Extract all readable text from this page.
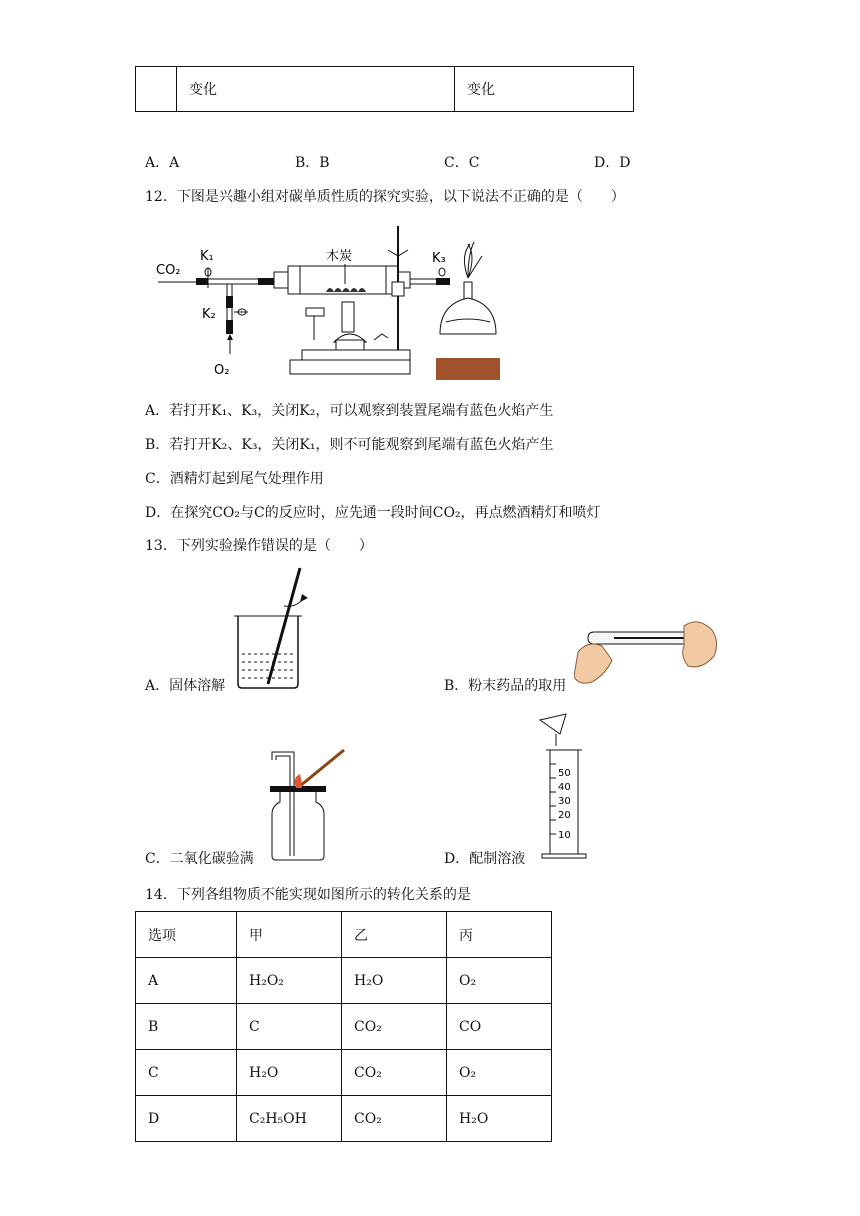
	变化	变化
A．A	B．B	C．C	D．D
12．下图是兴趣小组对碳单质性质的探究实验，以下说法不正确的是（　　）
CO₂
K₁
K₂
O₂
木炭	K₃
A．若打开K₁、K₃，关闭K₂，可以观察到装置尾端有蓝色火焰产生
B．若打开K₂、K₃，关闭K₁，则不可能观察到尾端有蓝色火焰产生
C．酒精灯起到尾气处理作用
D．在探究CO₂与C的反应时，应先通一段时间CO₂，再点燃酒精灯和喷灯
13．下列实验操作错误的是（　　）
A．固体溶解	B．粉末药品的取用
C．二氧化碳验满
50
40
30
20
10
D．配制溶液
14．下列各组物质不能实现如图所示的转化关系的是
选项	甲	乙	丙
A	H₂O₂	H₂O	O₂
B	C	CO₂	CO
C	H₂O	CO₂	O₂
D	C₂H₅OH	CO₂	H₂O
